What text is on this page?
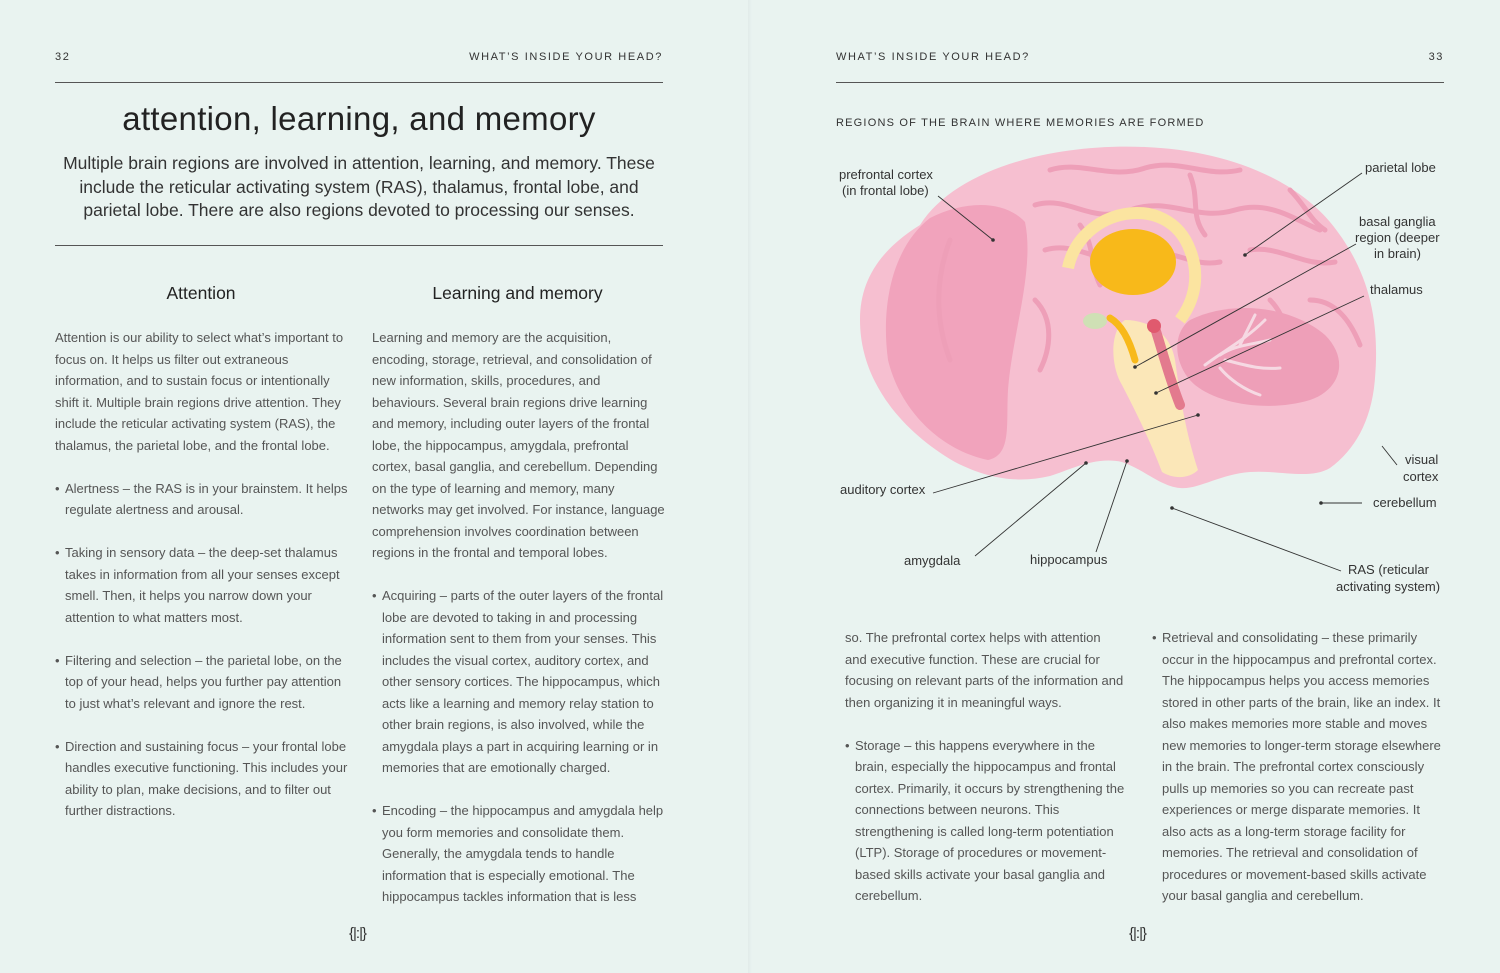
32	WHAT’S INSIDE YOUR HEAD?
attention, learning, and memory
Multiple brain regions are involved in attention, learning, and memory. These include the reticular activating system (RAS), thalamus, frontal lobe, and parietal lobe. There are also regions devoted to processing our senses.
Attention	Learning and memory

Attention is our ability to select what’s important to focus on. It helps us filter out extraneous information, and to sustain focus or intentionally shift it. Multiple brain regions drive attention. They include the reticular activating system (RAS), the thalamus, the parietal lobe, and the frontal lobe.

• Alertness – the RAS is in your brainstem. It helps regulate alertness and arousal.
• Taking in sensory data – the deep-set thalamus takes in information from all your senses except smell. Then, it helps you narrow down your attention to what matters most.
• Filtering and selection – the parietal lobe, on the top of your head, helps you further pay attention to just what’s relevant and ignore the rest.
• Direction and sustaining focus – your frontal lobe handles executive functioning. This includes your ability to plan, make decisions, and to filter out further distractions.

Learning and memory are the acquisition, encoding, storage, retrieval, and consolidation of new information, skills, procedures, and behaviours. Several brain regions drive learning and memory, including outer layers of the frontal lobe, the hippocampus, amygdala, prefrontal cortex, basal ganglia, and cerebellum. Depending on the type of learning and memory, many networks may get involved. For instance, language comprehension involves coordination between regions in the frontal and temporal lobes.

• Acquiring – parts of the outer layers of the frontal lobe are devoted to taking in and processing information sent to them from your senses. This includes the visual cortex, auditory cortex, and other sensory cortices. The hippocampus, which acts like a learning and memory relay station to other brain regions, is also involved, while the amygdala plays a part in acquiring learning or in memories that are emotionally charged.
• Encoding – the hippocampus and amygdala help you form memories and consolidate them. Generally, the amygdala tends to handle information that is especially emotional. The hippocampus tackles information that is less
{|:|}
WHAT’S INSIDE YOUR HEAD?	33
REGIONS OF THE BRAIN WHERE MEMORIES ARE FORMED
prefrontal cortex
(in frontal lobe)
parietal lobe
basal ganglia
region (deeper
in brain)
thalamus
visual
cortex
cerebellum
auditory cortex
amygdala	hippocampus
RAS (reticular
activating system)

so. The prefrontal cortex helps with attention and executive function. These are crucial for focusing on relevant parts of the information and then organizing it in meaningful ways.

• Storage – this happens everywhere in the brain, especially the hippocampus and frontal cortex. Primarily, it occurs by strengthening the connections between neurons. This strengthening is called long-term potentiation (LTP). Storage of procedures or movement-based skills activate your basal ganglia and cerebellum.
• Retrieval and consolidating – these primarily occur in the hippocampus and prefrontal cortex. The hippocampus helps you access memories stored in other parts of the brain, like an index. It also makes memories more stable and moves new memories to longer-term storage elsewhere in the brain. The prefrontal cortex consciously pulls up memories so you can recreate past experiences or merge disparate memories. It also acts as a long-term storage facility for memories. The retrieval and consolidation of procedures or movement-based skills activate your basal ganglia and cerebellum.
{|:|}
